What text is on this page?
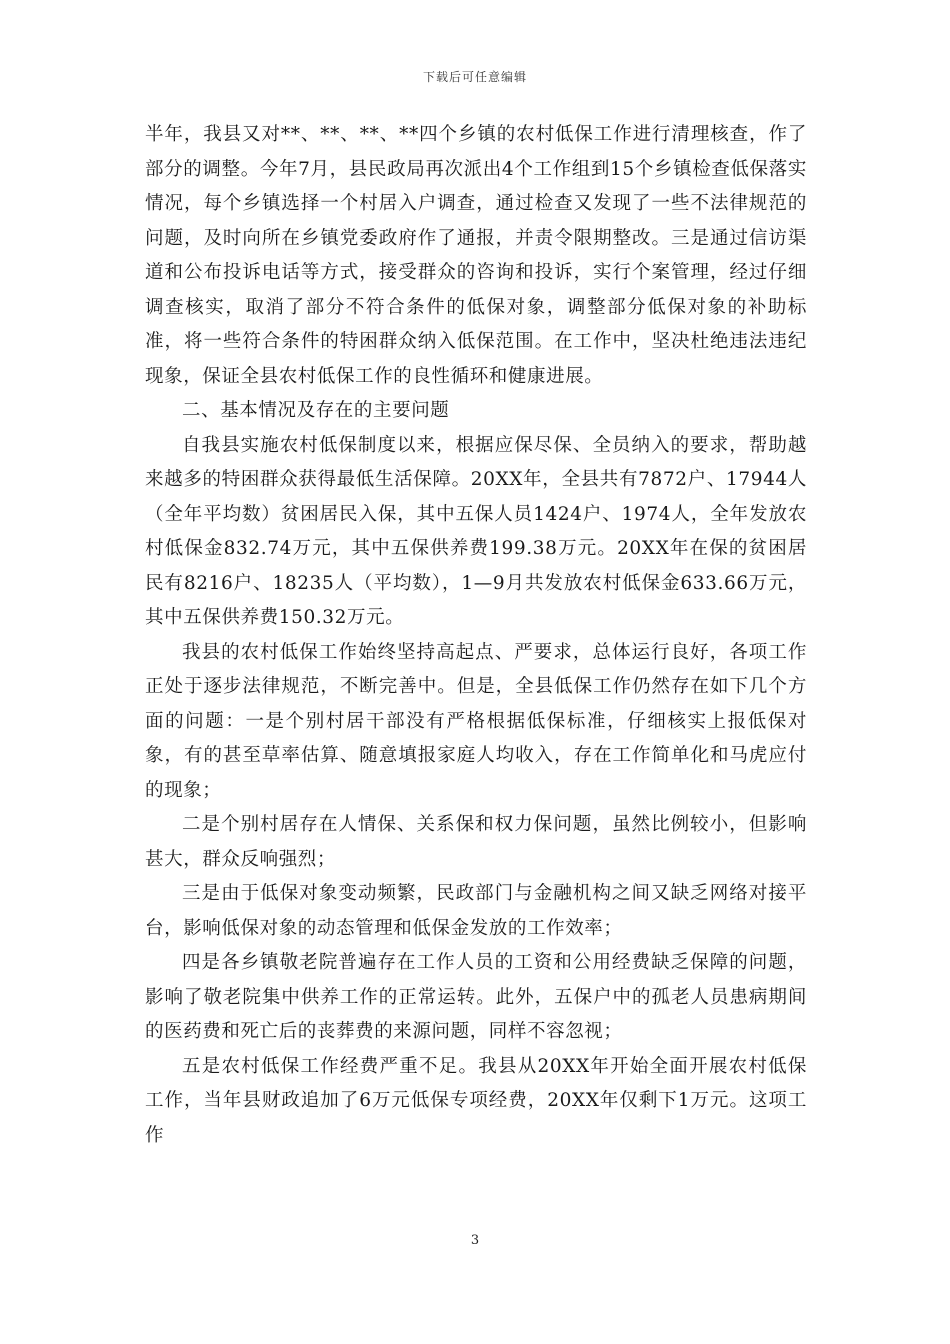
下载后可任意编辑

半年，我县又对**、**、**、**四个乡镇的农村低保工作进行清理核查，作了部分的调整。今年7月，县民政局再次派出4个工作组到15个乡镇检查低保落实情况，每个乡镇选择一个村居入户调查，通过检查又发现了一些不法律规范的问题，及时向所在乡镇党委政府作了通报，并责令限期整改。三是通过信访渠道和公布投诉电话等方式，接受群众的咨询和投诉，实行个案管理，经过仔细调查核实，取消了部分不符合条件的低保对象，调整部分低保对象的补助标准，将一些符合条件的特困群众纳入低保范围。在工作中，坚决杜绝违法违纪现象，保证全县农村低保工作的良性循环和健康进展。

二、基本情况及存在的主要问题

自我县实施农村低保制度以来，根据应保尽保、全员纳入的要求，帮助越来越多的特困群众获得最低生活保障。20XX年，全县共有7872户、17944人（全年平均数）贫困居民入保，其中五保人员1424户、1974人，全年发放农村低保金832.74万元，其中五保供养费199.38万元。20XX年在保的贫困居民有8216户、18235人（平均数），1—9月共发放农村低保金633.66万元，其中五保供养费150.32万元。

我县的农村低保工作始终坚持高起点、严要求，总体运行良好，各项工作正处于逐步法律规范，不断完善中。但是，全县低保工作仍然存在如下几个方面的问题：一是个别村居干部没有严格根据低保标准，仔细核实上报低保对象，有的甚至草率估算、随意填报家庭人均收入，存在工作简单化和马虎应付的现象；

二是个别村居存在人情保、关系保和权力保问题，虽然比例较小，但影响甚大，群众反响强烈；

三是由于低保对象变动频繁，民政部门与金融机构之间又缺乏网络对接平台，影响低保对象的动态管理和低保金发放的工作效率；

四是各乡镇敬老院普遍存在工作人员的工资和公用经费缺乏保障的问题，影响了敬老院集中供养工作的正常运转。此外，五保户中的孤老人员患病期间的医药费和死亡后的丧葬费的来源问题，同样不容忽视；

五是农村低保工作经费严重不足。我县从20XX年开始全面开展农村低保工作，当年县财政追加了6万元低保专项经费，20XX年仅剩下1万元。这项工作

3
